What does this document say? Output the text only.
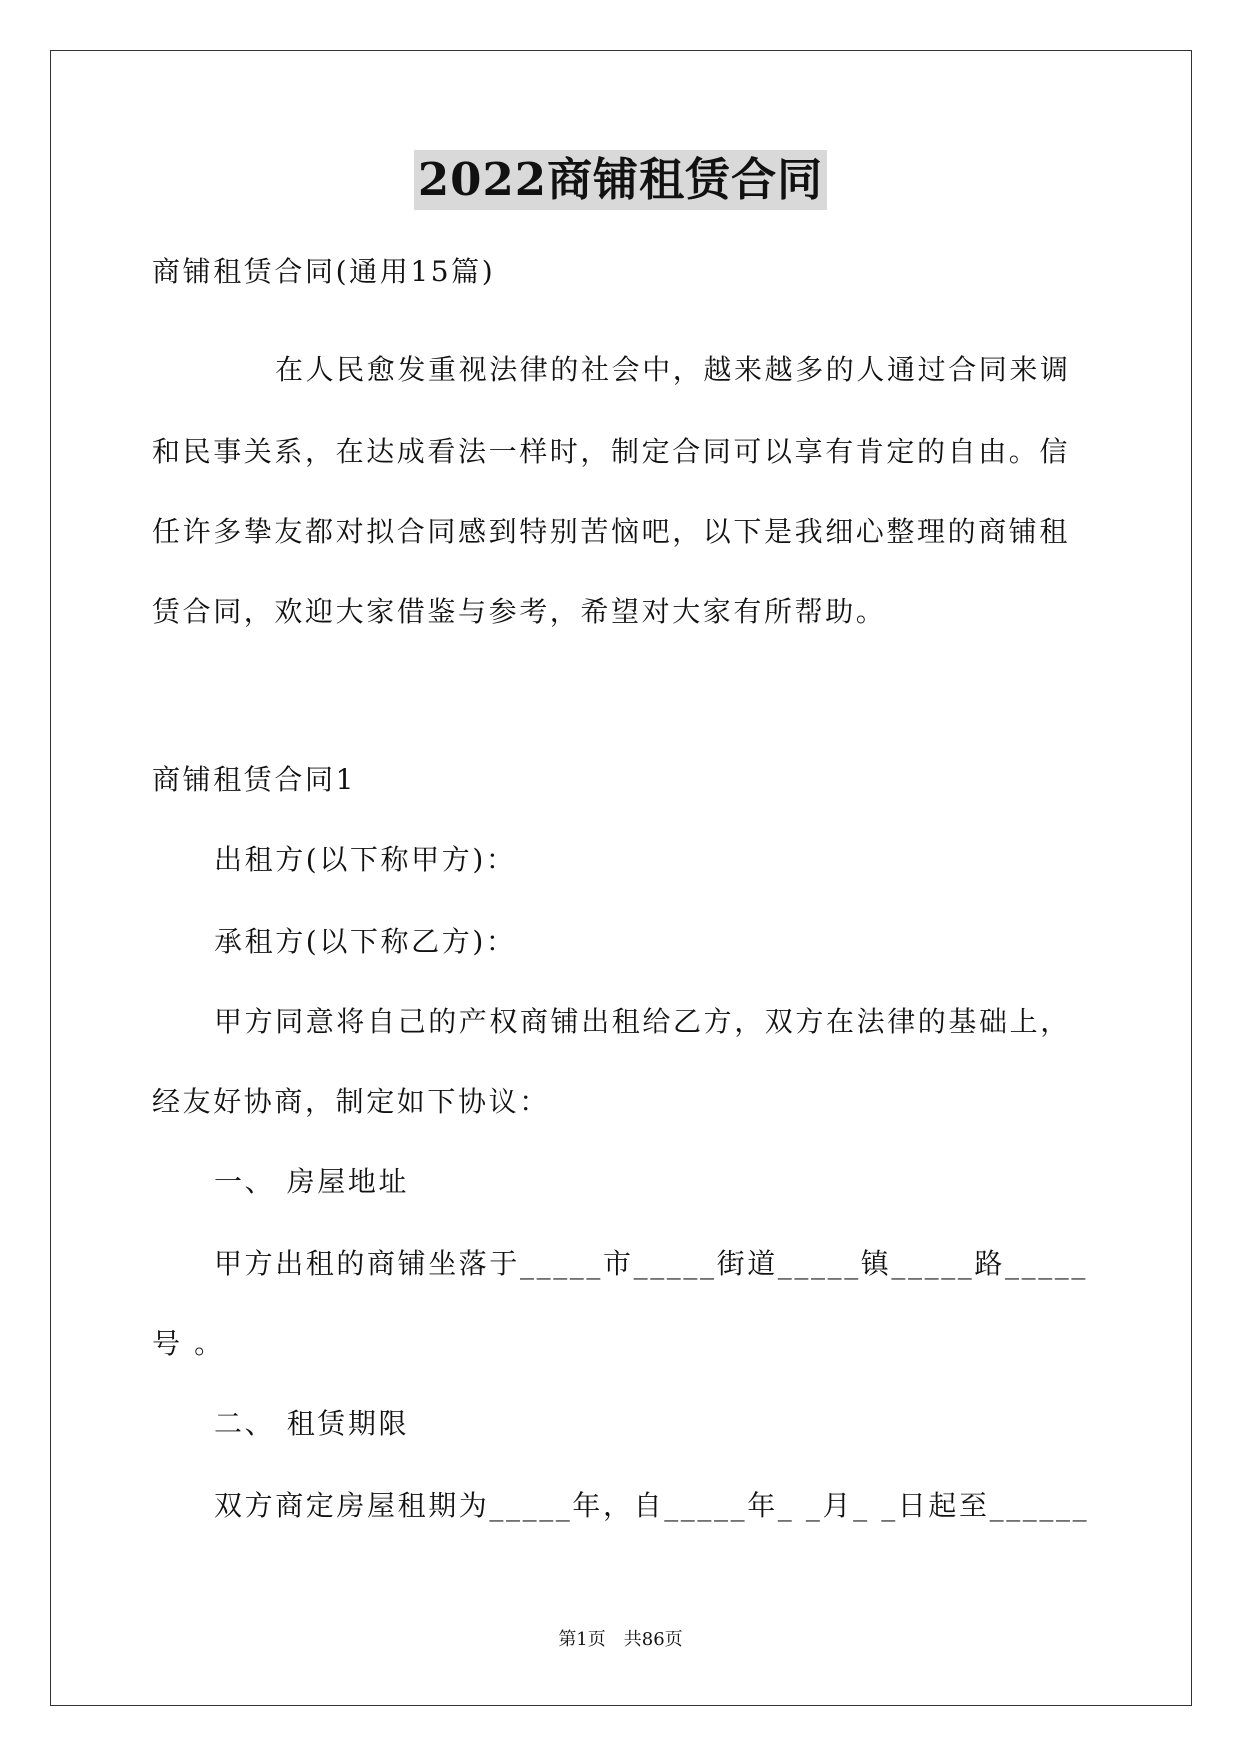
2022商铺租赁合同
商铺租赁合同(通用15篇)
在人民愈发重视法律的社会中，越来越多的人通过合同来调
和民事关系，在达成看法一样时，制定合同可以享有肯定的自由。信
任许多挚友都对拟合同感到特别苦恼吧，以下是我细心整理的商铺租
赁合同，欢迎大家借鉴与参考，希望对大家有所帮助。
商铺租赁合同1
出租方(以下称甲方)：
承租方(以下称乙方)：
甲方同意将自己的产权商铺出租给乙方，双方在法律的基础上，
经友好协商，制定如下协议：
一、 房屋地址
甲方出租的商铺坐落于_____市_____街道_____镇_____路_____
号 。
二、 租赁期限
双方商定房屋租期为_____年，自_____年_ _月_ _日起至______
第1页 共86页
